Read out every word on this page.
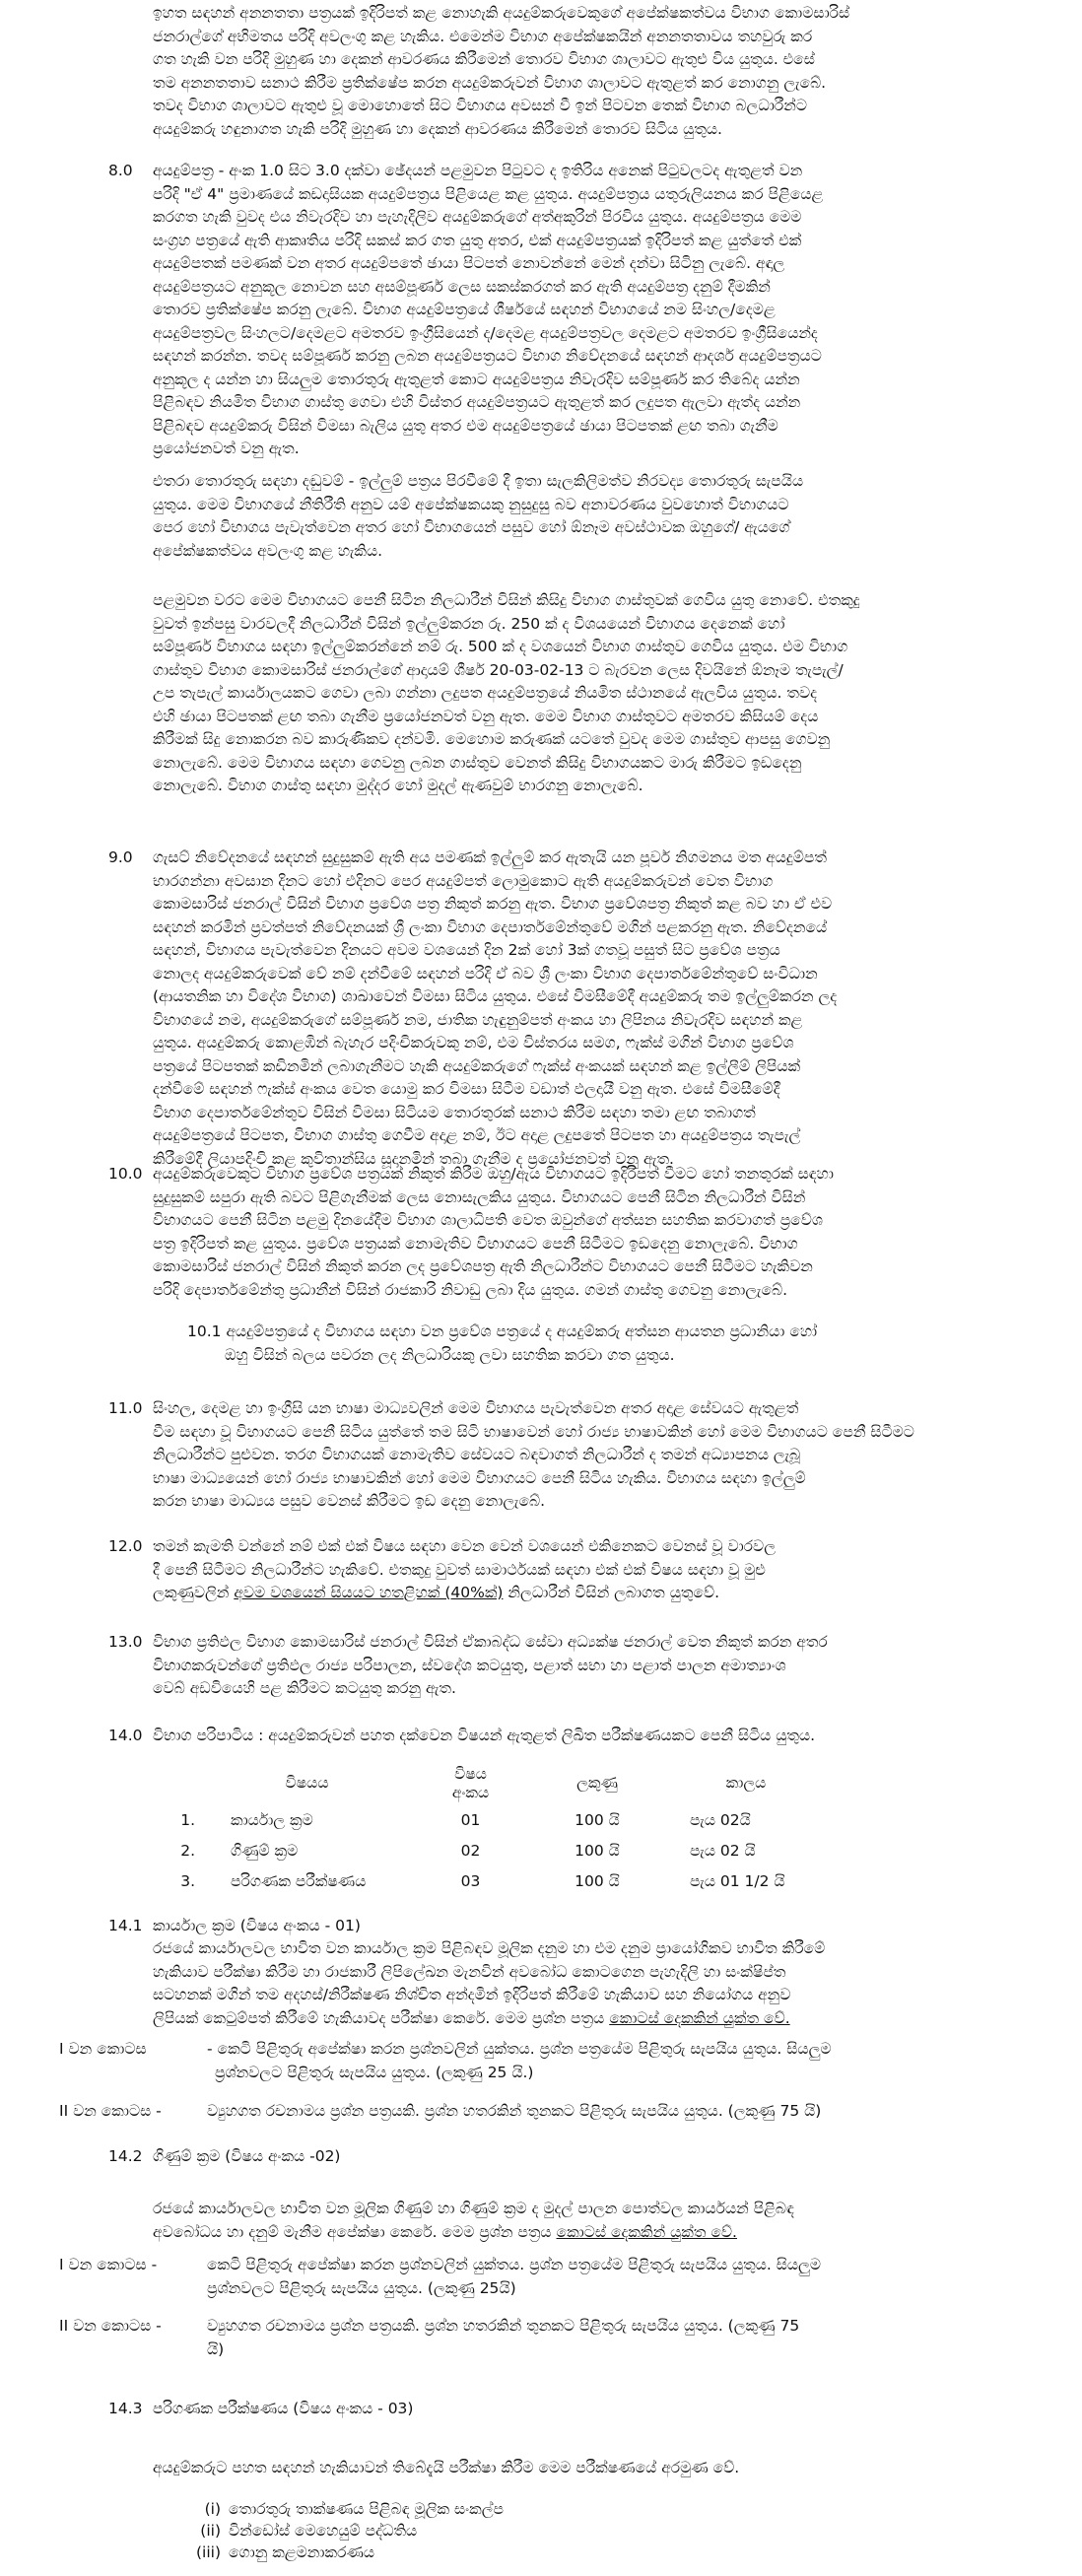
ඉහත සඳහන් අනනතතා පත්‍රයක් ඉදිරිපත් කළ නොහැකි අයදුම්කරුවෙකුගේ අපේක්ෂකත්වය විභාග කොමසාරිස්
ජනරාල්ගේ අභිමතය පරිදි අවලංගු කළ හැකිය. එමෙන්ම විභාග අපේක්ෂකයින් අනනතතාවය තහවුරු කර
ගත හැකි වන පරිදි මුහුණ හා දෙකන් ආවරණය කිරීමෙන් තොරව විභාග ශාලාවට ඇතුළු විය යුතුය. එසේ
තම අනනතතාව සනාථ කිරීම ප්‍රතික්ෂේප කරන අයදුම්කරුවන් විභාග ශාලාවට ඇතුළත් කර නොගනු ලැබේ.
තවද විභාග ශාලාවට ඇතුළු වූ මොහොතේ සිට විභාගය අවසන් වී ඉන් පිටවන තෙක් විභාග බලධාරීන්ට
අයදුම්කරු හඳුනාගත හැකි පරිදි මුහුණ හා දෙකන් ආවරණය කිරීමෙන් තොරව සිටිය යුතුය.
8.0 අයදුම්පත්‍ර - අංක 1.0 සිට 3.0 දක්වා ඡේදයන් පළමුවන පිටුවට ද ඉතිරිය අනෙක් පිටුවලටද ඇතුළත් වන
පරිදි "ඒ 4" ප්‍රමාණයේ කඩදාසියක අයදුම්පත්‍රය පිළියෙළ කළ යුතුය. අයදුම්පත්‍රය යතුරුලියනය කර පිළියෙළ
කරගත හැකි වුවද එය නිවැරදිව හා පැහැදිලිව අයදුම්කරුගේ අත්අකුරින් පිරවිය යුතුය. අයදුම්පත්‍රය මෙම
සංග්‍රහ පත්‍රයේ ඇති ආකෘතිය පරිදි සකස් කර ගත යුතු අතර, එක් අයදුම්පත්‍රයක් ඉදිරිපත් කළ යුත්තේ එක්
අයදුම්පතක් පමණක් වන අතර අයදුම්පතේ ඡායා පිටපත් නොවන්නේ මෙන් දන්වා සිටිනු ලැබේ. අඳාල
අයදුම්පත්‍රයට අනුකූල නොවන සහ අසම්පූර්ණ ලෙස සකස්කරගත් කර ඇති අයදුම්පත්‍ර දනුම් දීමකින්
තොරව ප්‍රතික්ෂේප කරනු ලැබේ. විභාග අයදුම්පත්‍රයේ ශීර්ෂයේ සඳහන් විභාගයේ නම සිංහල/දෙමළ
අයදුම්පත්‍රවල සිංහලට/දෙමළට අමතරව ඉංග්‍රීසියෙන් ද/දෙමළ අයදුම්පත්‍රවල දෙමළට අමතරව ඉංග්‍රීසියෙන්ද
සඳහන් කරන්න. තවද සම්පූර්ණ කරනු ලබන අයදුම්පත්‍රයට විභාග නිවේදනයේ සඳහන් ආදර්ශ අයදුම්පත්‍රයට
අනුකූල ද යන්න හා සියලුම තොරතුරු ඇතුළත් කොට අයදුම්පත්‍රය නිවැරදිව සම්පූර්ණ කර තිබේද යන්න
පිළිබඳව නියමිත විභාග ගාස්තු ගෙවා එහි විස්තර අයදුම්පත්‍රයට ඇතුළත් කර ලදුපත ඇලවා ඇත්ද යන්න
පිළිබඳව අයදුම්කරු විසින් විමසා බැලිය යුතු අතර එම අයදුම්පත්‍රයේ ඡායා පිටපතක් ළඟ තබා ගැනීම
ප්‍රයෝජනවත් වනු ඇත.
එතරා තොරතුරු සඳහා දඬුවම් - ඉල්ලුම් පත්‍රය පිරවීමේ දී ඉතා සැලකිලිමත්ව නිරවද්‍ය තොරතුරු සැපයිය
යුතුය. මෙම විභාගයේ නීතිරීති අනුව යම් අපේක්ෂකයකු නුසුදුසු බව අනාවරණය වුවහොත් විභාගයට
පෙර හෝ විභාගය පැවැත්වෙන අතර හෝ විභාගයෙන් පසුව හෝ ඕනෑම අවස්ථාවක ඔහුගේ/ ඇයගේ
අපේක්ෂකත්වය අවලංගු කළ හැකිය.
පළමුවන වරට මෙම විභාගයට පෙනී සිටින නිලධාරීන් විසින් කිසිදු විභාග ගාස්තුවක් ගෙවිය යුතු නොවේ. එතකුදු
වුවත් ඉන්පසු වාරවලදී නිලධාරීන් විසින් ඉල්ලුම්කරන රු. 250 ක් ද විශයයෙන් විභාගය දෙනෙක් හෝ
සම්පූර්ණ විභාගය සඳහා ඉල්ලුම්කරන්නේ නම් රු. 500 ක් ද වශයෙන් විභාග ගාස්තුව ගෙවිය යුතුය. එම විභාග
ගාස්තුව විභාග කොමසාරිස් ජනරාල්ගේ ආදායම් ශීර්ෂ 20-03-02-13 ට බැරවන ලෙස දිවයිනේ ඕනෑම තැපැල්/
උප තැපැල් කාර්යාලයකට ගෙවා ලබා ගන්නා ලදුපත අයදුම්පත්‍රයේ නියමිත ස්ථානයේ ඇලවිය යුතුය. තවද
එහි ඡායා පිටපතක් ළඟ තබා ගැනීම ප්‍රයෝජනවත් වනු ඇත. මෙම විභාග ගාස්තුවට අමතරව කිසියම් දෙය
කිරීමක් සිදු නොකරන බව කාරුණිකව දන්වමි. මෙහොම කරුණක් යටතේ වුවද මෙම ගාස්තුව ආපසු ගෙවනු
නොලැබේ. මෙම විභාගය සඳහා ගෙවනු ලබන ගාස්තුව වෙනත් කිසිදු විභාගයකට මාරු කිරීමට ඉඩදෙනු
නොලැබේ. විභාග ගාස්තු සඳහා මුද්දර හෝ මුදල් ඇණවුම් භාරගනු නොලැබේ.
9.0 ගැසට් නිවේදනයේ සඳහන් සුදුසුකම් ඇති අය පමණක් ඉල්ලුම් කර ඇතැයි යන පූර්ව නිගමනය මත අයදුම්පත්
භාරගන්නා අවසාන දිනට හෝ එදිනට පෙර අයදුම්පත් ලොමුකොට ඇති අයදුම්කරුවන් වෙත විභාග
කොමසාරිස් ජනරාල් විසින් විභාග ප්‍රවේශ පත්‍ර නිකුත් කරනු ඇත. විභාග ප්‍රවේශපත්‍ර නිකුත් කළ බව හා ඒ එව
සඳහන් කරමින් ප්‍රවත්පත් නිවේදනයක් ශ්‍රී ලංකා විභාග දෙපාර්තමේන්තුවේ මගින් පළකරනු ඇත. නිවේදනයේ
සඳහන්, විභාගය පැවැත්වෙන දිනයට අවම වශයෙන් දින 2ක් හෝ 3ක් ගතවූ පසුත් සිට ප්‍රවේශ පත්‍රය
නොලද අයදුම්කරුවෙක් වේ නම් දන්වීමේ සඳහන් පරිදි ඒ බව ශ්‍රී ලංකා විභාග දෙපාර්තමේන්තුවේ සංවිධාන
(ආයතනික හා විදේශ විභාග) ශාඛාවෙන් විමසා සිටිය යුතුය. එසේ විමසීමේදී අයදුම්කරු තම ඉල්ලුම්කරන ලද
විභාගයේ නම, අයදුම්කරුගේ සම්පූර්ණ නම, ජාතික හැඳුනුම්පත් අංකය හා ලිපිනය නිවැරදිව සඳහන් කළ
යුතුය. අයදුම්කරු කොළඹින් බැහැර පදිංචිකරුවකු නම්, එම විස්තරය සමග, ෆැක්ස් මගින් විභාග ප්‍රවේශ
පත්‍රයේ පිටපතක් කඩිනමින් ලබාගැනීමට හැකි අයදුම්කරුගේ ෆැක්ස් අංකයක් සඳහන් කළ ඉල්ලීම් ලිපියක්
දන්වීමේ සඳහන් ෆැක්ස් අංකය වෙත යොමු කර විමසා සිටීම වඩාත් ඵලදායී වනු ඇත. එසේ විමසීමේදී
විභාග දෙපාර්තමේන්තුව විසින් විමසා සිටියම තොරතුරක් සනාථ කිරීම සඳහා තමා ළඟ තබාගත්
අයදුම්පත්‍රයේ පිටපත, විභාග ගාස්තු ගෙවීම අදාළ නම්, ඊට අදාළ ලදුපතේ පිටපත හා අයදුම්පත්‍රය තැපැල්
කිරීමේදී ලියාපදිංචි කළ කුවිතාන්සිය සූදානමින් තබා ගැනීම ද ප්‍රයෝජනවත් වනු ඇත.
10.0 අයදුම්කරුවෙකුට විභාග ප්‍රවේශ පත්‍රයක් නිකුත් කිරීම ඔහු/ඇය විභාගයට ඉදිරිපත් වීමට හෝ තනතුරක් සඳහා
සුදුසුකම් සපුරා ඇති බවට පිළිගැනීමක් ලෙස නොසැලකිය යුතුය. විභාගයට පෙනී සිටින නිලධාරීන් විසින්
විභාගයට පෙනී සිටින පළමු දිනයේදීම විභාග ශාලාධිපති වෙත ඔවුන්ගේ අත්සන සහතික කරවාගත් ප්‍රවේශ
පත්‍ර ඉදිරිපත් කළ යුතුය. ප්‍රවේශ පත්‍රයක් නොමැතිව විභාගයට පෙනී සිටීමට ඉඩදෙනු නොලැබේ. විභාග
කොමසාරිස් ජනරාල් විසින් නිකුත් කරන ලද ප්‍රවේශපත්‍ර ඇති නිලධාරීන්ට විභාගයට පෙනී සිටීමට හැකිවන
පරිදි දෙපාර්තමේන්තු ප්‍රධානීන් විසින් රාජකාරි නිවාඩු ලබා දිය යුතුය. ගමන් ගාස්තු ගෙවනු නොලැබේ.
10.1 අයදුම්පත්‍රයේ ද විභාගය සඳහා වන ප්‍රවේශ පත්‍රයේ ද අයදුම්කරු අත්සන ආයතන ප්‍රධානියා හෝ
ඔහු විසින් බලය පවරන ලද නිලධාරියකු ලවා සහතික කරවා ගත යුතුය.
11.0 සිංහල, දෙමළ හා ඉංග්‍රීසි යන භාෂා මාධ්‍යවලින් මෙම විභාගය පැවැත්වෙන අතර අදාළ සේවයට ඇතුළත්
වීම සඳහා වූ විභාගයට පෙනී සිටිය යුත්තේ තම සිටි භාෂාවෙන් හෝ රාජ්‍ය භාෂාවකින් හෝ මෙම විභාගයට පෙනී සිටීමට
නිලධාරීන්ට පුළුවන. තරග විභාගයක් නොමැතිව සේවයට බඳවාගත් නිලධාරීන් ද තමන් අධ්‍යාපනය ලැබූ
භාෂා මාධ්‍යයෙන් හෝ රාජ්‍ය භාෂාවකින් හෝ මෙම විභාගයට පෙනී සිටිය හැකිය. විභාගය සඳහා ඉල්ලුම්
කරන භාෂා මාධ්‍යය පසුව වෙනස් කිරීමට ඉඩ දෙනු නොලැබේ.
12.0 තමන් කැමති වන්නේ නම් එක් එක් විෂය සඳහා වෙන වෙන් වශයෙන් එකිනෙකට වෙනස් වූ වාරවල
දී පෙනී සිටීමට නිලධාරීන්ට හැකිවේ. එතකුදු වුවත් සාමාර්ථයක් සඳහා එක් එක් විෂය සඳහා වූ මුළු
ලකුණුවලින් අවම වශයෙන් සියයට හතළිහක් (40%ක්) නිලධාරීන් විසින් ලබාගත යුතුවේ.
13.0 විභාග ප්‍රතිඵල විභාග කොමසාරිස් ජනරාල් විසින් ඒකාබද්ධ සේවා අධ්‍යක්ෂ ජනරාල් වෙත නිකුත් කරන අතර
විභාගකරුවන්ගේ ප්‍රතිඵල රාජ්‍ය පරිපාලන, ස්වදේශ කටයුතු, පළාත් සභා හා පළාත් පාලන අමාත්‍යාංශ
වෙබ් අඩවියෙහි පළ කිරීමට කටයුතු කරනු ඇත.
14.0 විභාග පරිපාටිය : අයදුම්කරුවන් පහත දක්වෙන විෂයන් ඇතුළත් ලිඛිත පරීක්ෂණයකට පෙනී සිටිය යුතුය.
	විෂයය	විෂය
අංකය	ලකුණු	කාලය
1.	කාර්යාල ක්‍රම	01	100 යි	පැය 02යි
2.	ගිණුම් ක්‍රම	02	100 යි	පැය 02 යි
3.	පරිගණක පරීක්ෂණය	03	100 යි	පැය 01 1/2 යි
14.1 කාර්යාල ක්‍රම (විෂය අංකය - 01)
රජයේ කාර්යාලවල භාවිත වන කාර්යාල ක්‍රම පිළිබඳව මූලික දනුම හා එම දනුම ප්‍රායෝගිකව භාවිත කිරීමේ
හැකියාව පරීක්ෂා කිරීම හා රාජකාරී ලිපිලේඛන මැනවින් අවබෝධ කොටගෙන පැහැදිලි හා සංක්ෂිප්ත
සටහනක් මගින් තම අදහස්/නිරීක්ෂණ නිශ්චිත අන්දමින් ඉදිරිපත් කිරීමේ හැකියාව සහ නියෝගය අනුව
ලිපියක් කෙටුම්පත් කිරීමේ හැකියාවද පරීක්ෂා කෙරේ. මෙම ප්‍රශ්න පත්‍රය කොටස් දෙකකින් යුක්ත වේ.
I වන කොටස	- කෙටි පිළිතුරු අපේක්ෂා කරන ප්‍රශ්නවලින් යුක්තය. ප්‍රශ්න පත්‍රයේම පිළිතුරු සැපයිය යුතුය. සියලුම
ප්‍රශ්නවලට පිළිතුරු සැපයිය යුතුය. (ලකුණු 25 යි.)
II වන කොටස -	ව්‍යුහගත රචනාමය ප්‍රශ්න පත්‍රයකි. ප්‍රශ්න හතරකින් තුනකට පිළිතුරු සැපයිය යුතුය. (ලකුණු 75 යි)
14.2 ගිණුම් ක්‍රම (විෂය අංකය -02)
රජයේ කාර්යාලවල භාවිත වන මූලික ගිණුම් හා ගිණුම් ක්‍රම ද මුදල් පාලන පොත්වල කාර්යයන් පිළිබඳ
අවබෝධය හා දනුම් මැනීම අපේක්ෂා කෙරේ. මෙම ප්‍රශ්න පත්‍රය කොටස් දෙකකින් යුක්ත වේ.
I වන කොටස -	කෙටි පිළිතුරු අපේක්ෂා කරන ප්‍රශ්නවලින් යුක්තය. ප්‍රශ්න පත්‍රයේම පිළිතුරු සැපයිය යුතුය. සියලුම
ප්‍රශ්නවලට පිළිතුරු සැපයිය යුතුය. (ලකුණු 25යි)
II වන කොටස -	ව්‍යුහගත රචනාමය ප්‍රශ්න පත්‍රයකි. ප්‍රශ්න හතරකින් තුනකට පිළිතුරු සැපයිය යුතුය. (ලකුණු 75
යි)
14.3 පරිගණක පරීක්ෂණය (විෂය අංකය - 03)
අයදුම්කරුට පහත සඳහන් හැකියාවන් තිබේදැයි පරීක්ෂා කිරීම මෙම පරීක්ෂණයේ අරමුණ වේ.
(i) තොරතුරු තාක්ෂණය පිළිබඳ මූලික සංකල්ප
(ii) වින්ඩෝස් මෙහෙයුම් පද්ධතිය
(iii) ගොනු කළමනාකරණය
